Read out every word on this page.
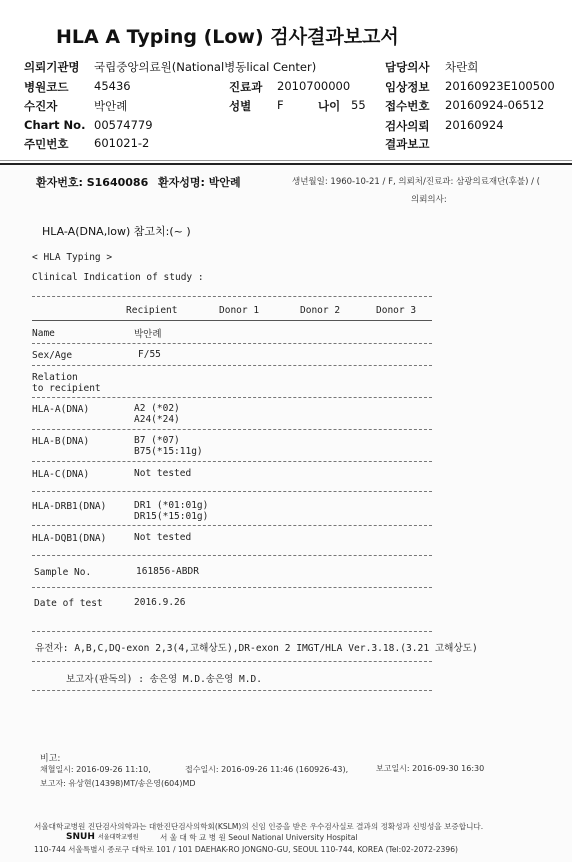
HLA A Typing (Low) 검사결과보고서
의뢰기관명 국립중앙의료원(National병동lical Center)	담당의사 차란희
병원코드 45436	진료과 2010700000	임상정보 20160923E100500
수진자	박안례	성별 F	나이 55 접수번호 20160924-06512
Chart No. 00574779	검사의뢰 20160924
주민번호 601021-2	결과보고
환자번호: S1640086 환자성명: 박안례	생년월일: 1960-10-21 / F, 의뢰처/진료과: 삼광의료재단(후불) / (
의뢰의사:
HLA-A(DNA,low) 참고치:(~ )
< HLA Typing >
Clinical Indication of study :
Recipient	Donor 1	Donor 2	Donor 3
Name	박안례
Sex/Age	F/55
Relation
to recipient
HLA-A(DNA)	A2 (*02)
A24(*24)
HLA-B(DNA)	B7 (*07)
B75(*15:11g)
HLA-C(DNA)	Not tested
HLA-DRB1(DNA)	DR1 (*01:01g)
DR15(*15:01g)
HLA-DQB1(DNA)	Not tested
Sample No.	161856-ABDR
Date of test	2016.9.26
유전자: A,B,C,DQ-exon 2,3(4,고해상도),DR-exon 2 IMGT/HLA Ver.3.18.(3.21 고해상도)
보고자(판독의) : 송은영 M.D.송은영 M.D.
비고:
채혈일시: 2016-09-26 11:10,	접수일시: 2016-09-26 11:46 (160926-43),	보고일시: 2016-09-30 16:30
보고자: 유상현(14398)MT/송은영(604)MD
서울대학교병원 진단검사의학과는 대한진단검사의학회(KSLM)의 신임 인증을 받은 우수검사실로 결과의 정확성과 신빙성을 보증합니다.
SNUH 서울대학교병원	서 울 대 학 교 병 원 Seoul National University Hospital
110-744 서울특별시 종로구 대학로 101 / 101 DAEHAK-RO JONGNO-GU, SEOUL 110-744, KOREA (Tel:02-2072-2396)
